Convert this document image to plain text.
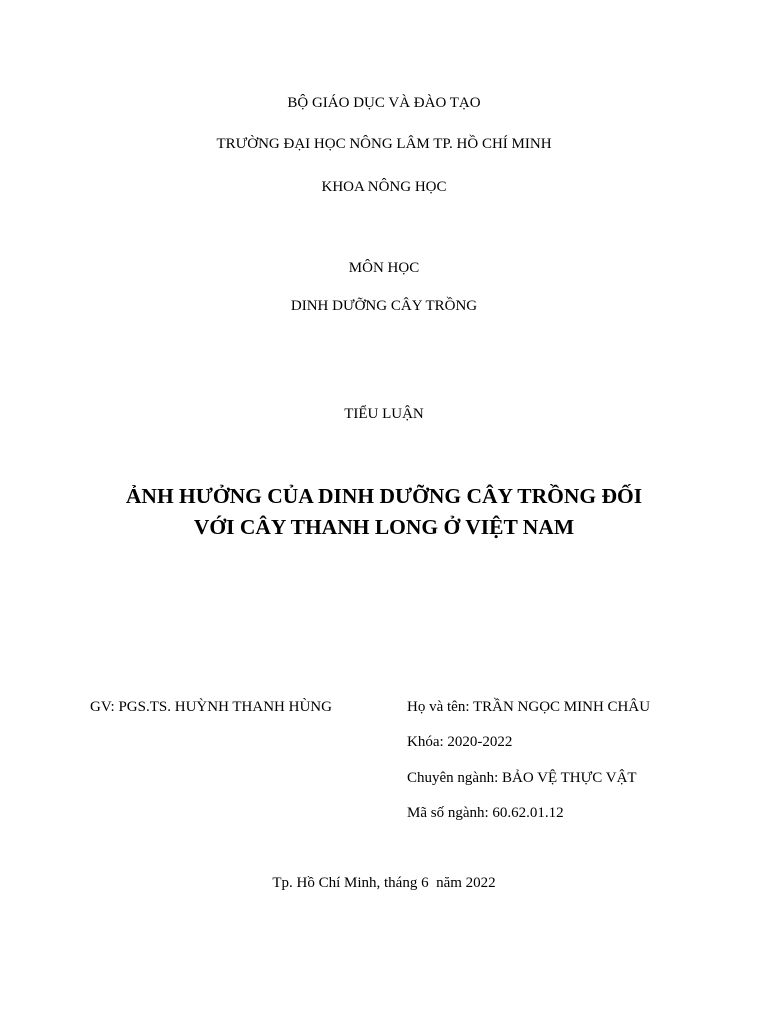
BỘ GIÁO DỤC VÀ ĐÀO TẠO
TRƯỜNG ĐẠI HỌC NÔNG LÂM TP. HỒ CHÍ MINH
KHOA NÔNG HỌC
MÔN HỌC
DINH DƯỠNG CÂY TRỒNG
TIỂU LUẬN
ẢNH HƯỞNG CỦA DINH DƯỠNG CÂY TRỒNG ĐỐI
VỚI CÂY THANH LONG Ở VIỆT NAM
GV: PGS.TS. HUỲNH THANH HÙNG	Họ và tên: TRẦN NGỌC MINH CHÂU
Khóa: 2020-2022
Chuyên ngành: BẢO VỆ THỰC VẬT
Mã số ngành: 60.62.01.12
Tp. Hồ Chí Minh, tháng 6  năm 2022
